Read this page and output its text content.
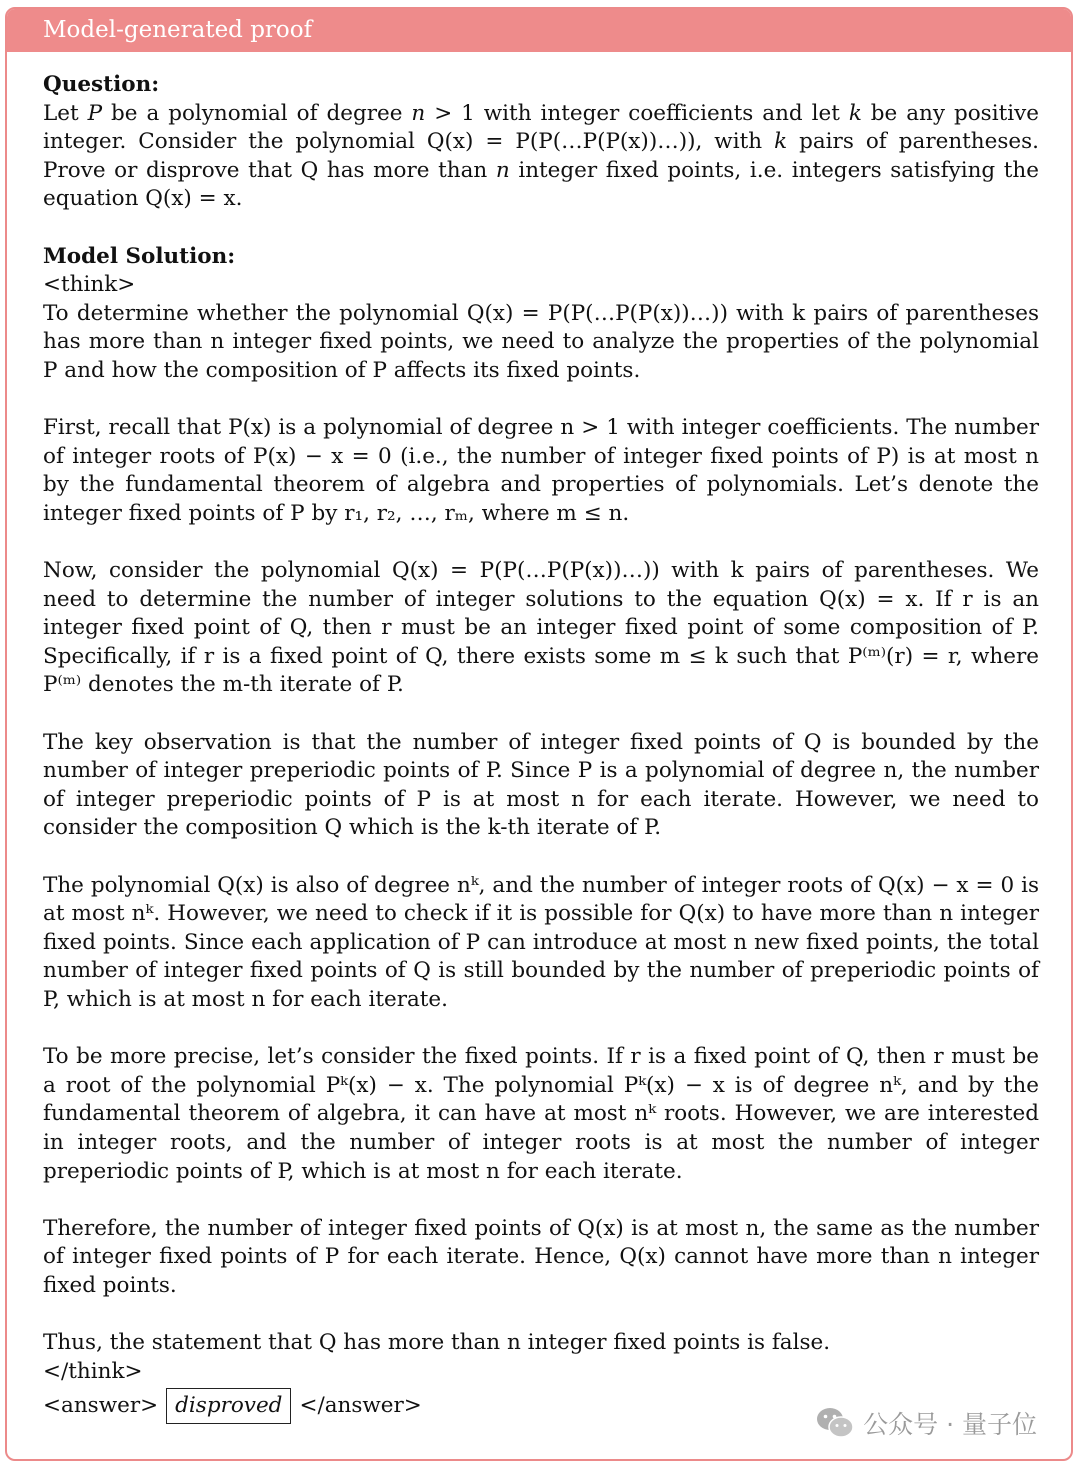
Model-generated proof

Question:
Let P be a polynomial of degree n > 1 with integer coefficients and let k be any positive integer. Consider the polynomial Q(x) = P(P(…P(P(x))…)), with k pairs of parentheses. Prove or disprove that Q has more than n integer fixed points, i.e. integers satisfying the equation Q(x) = x.

Model Solution:
<think>

To determine whether the polynomial Q(x) = P(P(…P(P(x))…)) with k pairs of parentheses has more than n integer fixed points, we need to analyze the properties of the polynomial P and how the composition of P affects its fixed points.

First, recall that P(x) is a polynomial of degree n > 1 with integer coefficients. The number of integer roots of P(x) − x = 0 (i.e., the number of integer fixed points of P) is at most n by the fundamental theorem of algebra and properties of polynomials. Let’s denote the integer fixed points of P by r₁, r₂, …, rₘ, where m ≤ n.

Now, consider the polynomial Q(x) = P(P(…P(P(x))…)) with k pairs of parentheses. We need to determine the number of integer solutions to the equation Q(x) = x. If r is an integer fixed point of Q, then r must be an integer fixed point of some composition of P. Specifically, if r is a fixed point of Q, there exists some m ≤ k such that P⁽ᵐ⁾(r) = r, where P⁽ᵐ⁾ denotes the m-th iterate of P.

The key observation is that the number of integer fixed points of Q is bounded by the number of integer preperiodic points of P. Since P is a polynomial of degree n, the number of integer preperiodic points of P is at most n for each iterate. However, we need to consider the composition Q which is the k-th iterate of P.

The polynomial Q(x) is also of degree nᵏ, and the number of integer roots of Q(x) − x = 0 is at most nᵏ. However, we need to check if it is possible for Q(x) to have more than n integer fixed points. Since each application of P can introduce at most n new fixed points, the total number of integer fixed points of Q is still bounded by the number of preperiodic points of P, which is at most n for each iterate.

To be more precise, let’s consider the fixed points. If r is a fixed point of Q, then r must be a root of the polynomial Pᵏ(x) − x. The polynomial Pᵏ(x) − x is of degree nᵏ, and by the fundamental theorem of algebra, it can have at most nᵏ roots. However, we are interested in integer roots, and the number of integer roots is at most the number of integer preperiodic points of P, which is at most n for each iterate.

Therefore, the number of integer fixed points of Q(x) is at most n, the same as the number of integer fixed points of P for each iterate. Hence, Q(x) cannot have more than n integer fixed points.

Thus, the statement that Q has more than n integer fixed points is false.

</think>

<answer> disproved </answer>
公众号 · 量子位
